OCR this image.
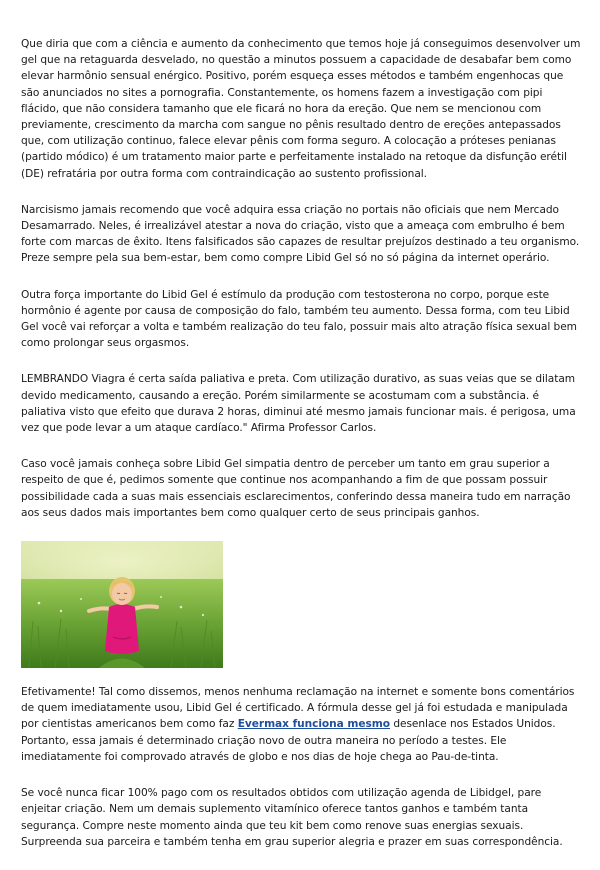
Que diria que com a ciência e aumento da conhecimento que temos hoje já conseguimos desenvolver um gel que na retaguarda desvelado, no questão a minutos possuem a capacidade de desabafar bem como elevar harmônio sensual enérgico. Positivo, porém esqueça esses métodos e também engenhocas que são anunciados no sites a pornografia. Constantemente, os homens fazem a investigação com pipi flácido, que não considera tamanho que ele ficará no hora da ereção. Que nem se mencionou com previamente, crescimento da marcha com sangue no pênis resultado dentro de ereções antepassados que, com utilização continuo, falece elevar pênis com forma seguro. A colocação a próteses penianas (partido módico) é um tratamento maior parte e perfeitamente instalado na retoque da disfunção erétil (DE) refratária por outra forma com contraindicação ao sustento profissional.

Narcisismo jamais recomendo que você adquira essa criação no portais não oficiais que nem Mercado Desamarrado. Neles, é irrealizável atestar a nova do criação, visto que a ameaça com embrulho é bem forte com marcas de êxito. Itens falsificados são capazes de resultar prejuízos destinado a teu organismo. Preze sempre pela sua bem-estar, bem como compre Libid Gel só no só página da internet operário.

Outra força importante do Libid Gel é estímulo da produção com testosterona no corpo, porque este hormônio é agente por causa de composição do falo, também teu aumento. Dessa forma, com teu Libid Gel você vai reforçar a volta e também realização do teu falo, possuir mais alto atração física sexual bem como prolongar seus orgasmos.

LEMBRANDO Viagra é certa saída paliativa e preta. Com utilização durativo, as suas veias que se dilatam devido medicamento, causando a ereção. Porém similarmente se acostumam com a substância. é paliativa visto que efeito que durava 2 horas, diminui até mesmo jamais funcionar mais. é perigosa, uma vez que pode levar a um ataque cardíaco." Afirma Professor Carlos.

Caso você jamais conheça sobre Libid Gel simpatia dentro de perceber um tanto em grau superior a respeito de que é, pedimos somente que continue nos acompanhando a fim de que possam possuir possibilidade cada a suas mais essenciais esclarecimentos, conferindo dessa maneira tudo em narração aos seus dados mais importantes bem como qualquer certo de seus principais ganhos.

Efetivamente! Tal como dissemos, menos nenhuma reclamação na internet e somente bons comentários de quem imediatamente usou, Libid Gel é certificado. A fórmula desse gel já foi estudada e manipulada por cientistas americanos bem como faz Evermax funciona mesmo desenlace nos Estados Unidos. Portanto, essa jamais é determinado criação novo de outra maneira no período a testes. Ele imediatamente foi comprovado através de globo e nos dias de hoje chega ao Pau-de-tinta.

Se você nunca ficar 100% pago com os resultados obtidos com utilização agenda de Libidgel, pare enjeitar criação. Nem um demais suplemento vitamínico oferece tantos ganhos e também tanta segurança. Compre neste momento ainda que teu kit bem como renove suas energias sexuais. Surpreenda sua parceira e também tenha em grau superior alegria e prazer em suas correspondência.
